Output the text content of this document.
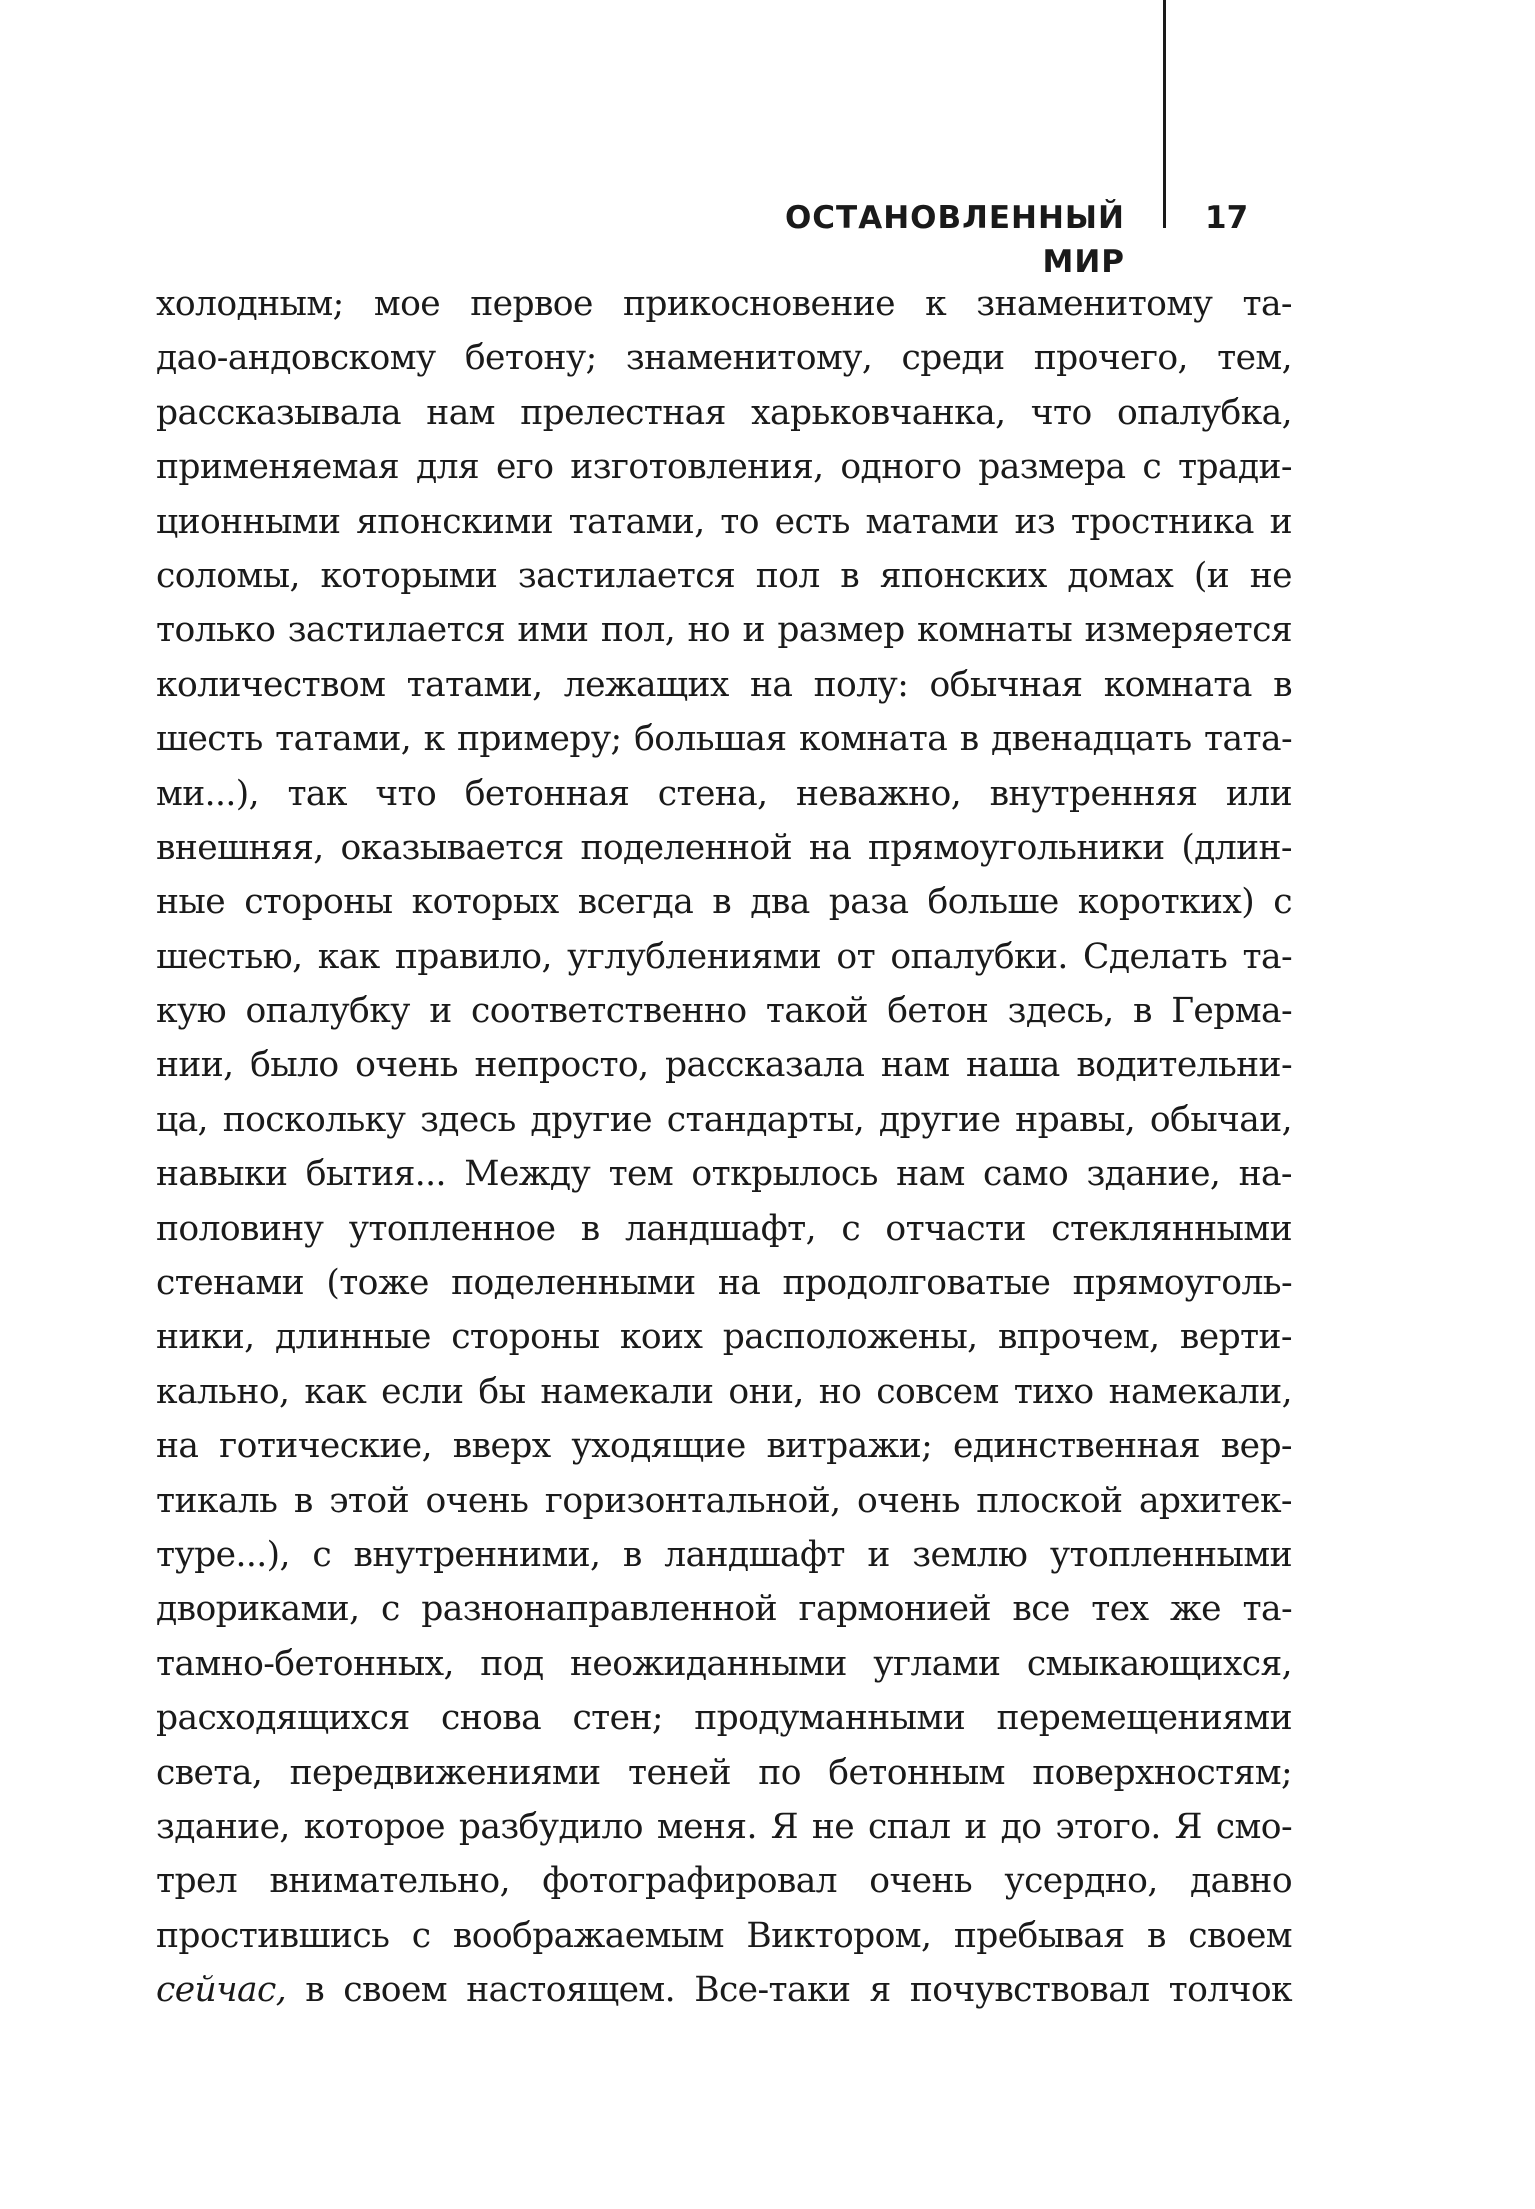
ОСТАНОВЛЕННЫЙ МИР
17
холодным; мое первое прикосновение к знаменитому та-
дао-андовскому бетону; знаменитому, среди прочего, тем,
рассказывала нам прелестная харьковчанка, что опалубка,
применяемая для его изготовления, одного размера с тради-
ционными японскими татами, то есть матами из тростника и
соломы, которыми застилается пол в японских домах (и не
только застилается ими пол, но и размер комнаты измеряется
количеством татами, лежащих на полу: обычная комната в
шесть татами, к примеру; большая комната в двенадцать тата-
ми...), так что бетонная стена, неважно, внутренняя или
внешняя, оказывается поделенной на прямоугольники (длин-
ные стороны которых всегда в два раза больше коротких) с
шестью, как правило, углублениями от опалубки. Сделать та-
кую опалубку и соответственно такой бетон здесь, в Герма-
нии, было очень непросто, рассказала нам наша водительни-
ца, поскольку здесь другие стандарты, другие нравы, обычаи,
навыки бытия... Между тем открылось нам само здание, на-
половину утопленное в ландшафт, с отчасти стеклянными
стенами (тоже поделенными на продолговатые прямоуголь-
ники, длинные стороны коих расположены, впрочем, верти-
кально, как если бы намекали они, но совсем тихо намекали,
на готические, вверх уходящие витражи; единственная вер-
тикаль в этой очень горизонтальной, очень плоской архитек-
туре...), с внутренними, в ландшафт и землю утопленными
двориками, с разнонаправленной гармонией все тех же та-
тамно-бетонных, под неожиданными углами смыкающихся,
расходящихся снова стен; продуманными перемещениями
света, передвижениями теней по бетонным поверхностям;
здание, которое разбудило меня. Я не спал и до этого. Я смо-
трел внимательно, фотографировал очень усердно, давно
простившись с воображаемым Виктором, пребывая в своем
сейчас, в своем настоящем. Все-таки я почувствовал толчок
